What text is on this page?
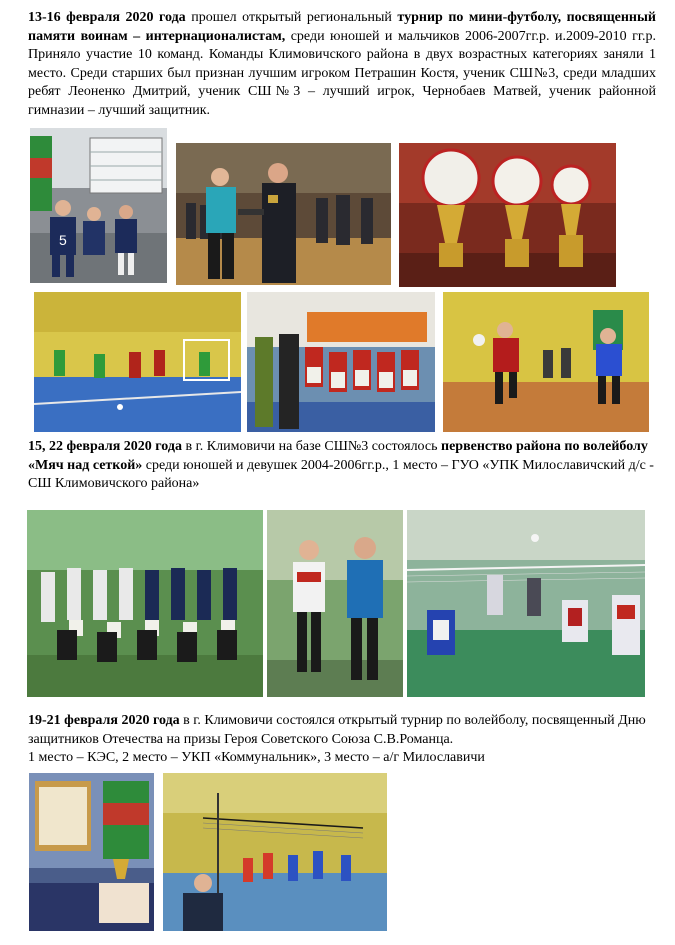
13-16 февраля 2020 года прошел открытый региональный турнир по мини-футболу, посвященный памяти воинам – интернационалистам, среди юношей и мальчиков 2006-2007гг.р. и.2009-2010 гг.р. Приняло участие 10 команд. Команды Климовичского района в двух возрастных категориях заняли 1 место. Среди старших был признан лучшим игроком Петрашин Костя, ученик СШ№3, среди младших ребят Леоненко Дмитрий, ученик СШ№3 – лучший игрок, Чернобаев Матвей, ученик районной гимназии – лучший защитник.
5
15, 22 февраля 2020 года в г. Климовичи на базе СШ№3 состоялось первенство района по волейболу «Мяч над сеткой» среди юношей и девушек 2004-2006гг.р., 1 место – ГУО «УПК Милославичский д/с - СШ Климовичского района»
19-21 февраля 2020 года в г. Климовичи состоялся открытый турнир по волейболу, посвященный Дню защитников Отечества на призы Героя Советского Союза С.В.Романца.
1 место – КЭС, 2 место – УКП «Коммунальник», 3 место – а/г Милославичи
